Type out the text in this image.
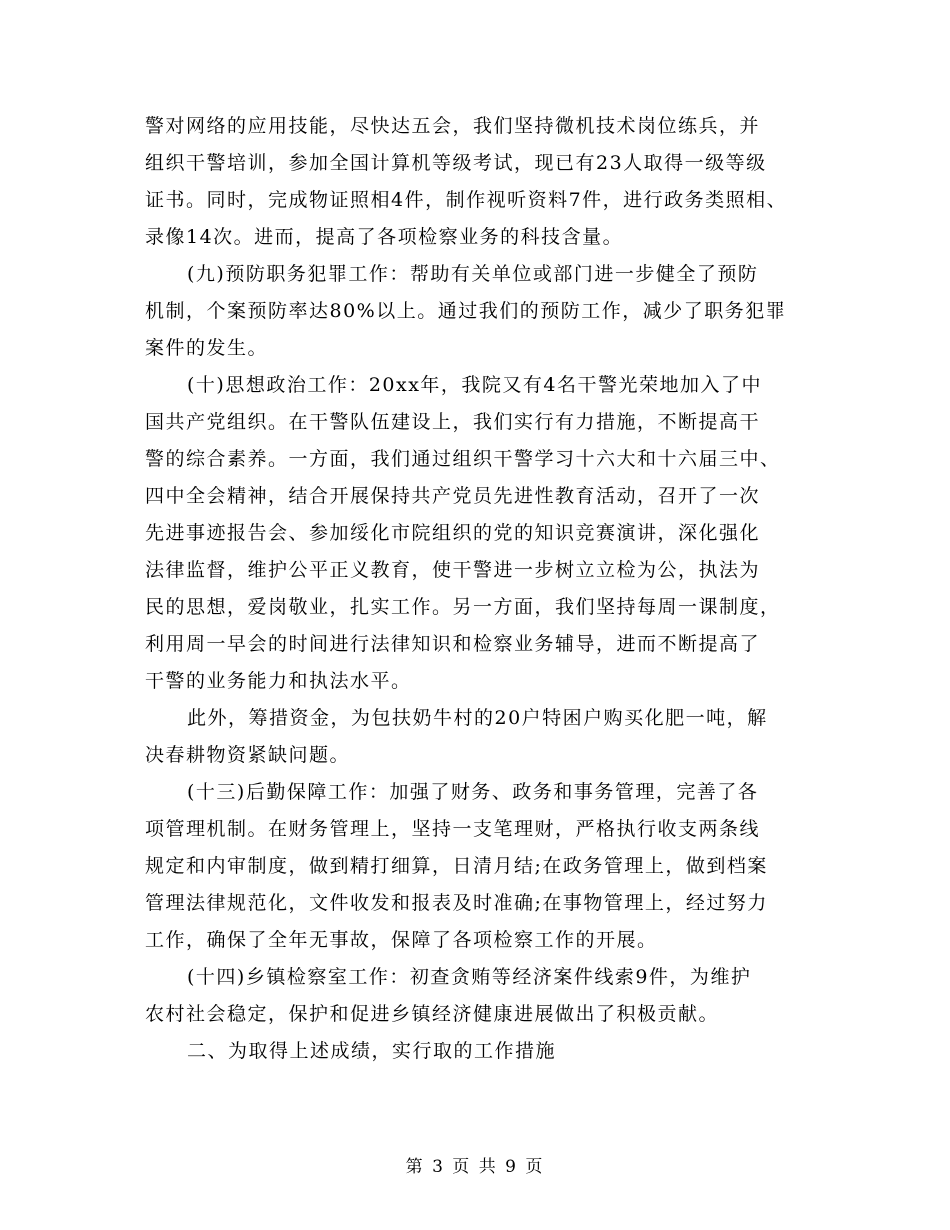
警对网络的应用技能，尽快达五会，我们坚持微机技术岗位练兵，并
组织干警培训，参加全国计算机等级考试，现已有23人取得一级等级
证书。同时，完成物证照相4件，制作视听资料7件，进行政务类照相、
录像14次。进而，提高了各项检察业务的科技含量。
(九)预防职务犯罪工作：帮助有关单位或部门进一步健全了预防
机制，个案预防率达80%以上。通过我们的预防工作，减少了职务犯罪
案件的发生。
(十)思想政治工作：20xx年，我院又有4名干警光荣地加入了中
国共产党组织。在干警队伍建设上，我们实行有力措施，不断提高干
警的综合素养。一方面，我们通过组织干警学习十六大和十六届三中、
四中全会精神，结合开展保持共产党员先进性教育活动，召开了一次
先进事迹报告会、参加绥化市院组织的党的知识竞赛演讲，深化强化
法律监督，维护公平正义教育，使干警进一步树立立检为公，执法为
民的思想，爱岗敬业，扎实工作。另一方面，我们坚持每周一课制度，
利用周一早会的时间进行法律知识和检察业务辅导，进而不断提高了
干警的业务能力和执法水平。
此外，筹措资金，为包扶奶牛村的20户特困户购买化肥一吨，解
决春耕物资紧缺问题。
(十三)后勤保障工作：加强了财务、政务和事务管理，完善了各
项管理机制。在财务管理上，坚持一支笔理财，严格执行收支两条线
规定和内审制度，做到精打细算，日清月结;在政务管理上，做到档案
管理法律规范化，文件收发和报表及时准确;在事物管理上，经过努力
工作，确保了全年无事故，保障了各项检察工作的开展。
(十四)乡镇检察室工作：初查贪贿等经济案件线索9件，为维护
农村社会稳定，保护和促进乡镇经济健康进展做出了积极贡献。
二、为取得上述成绩，实行取的工作措施
第 3 页 共 9 页
